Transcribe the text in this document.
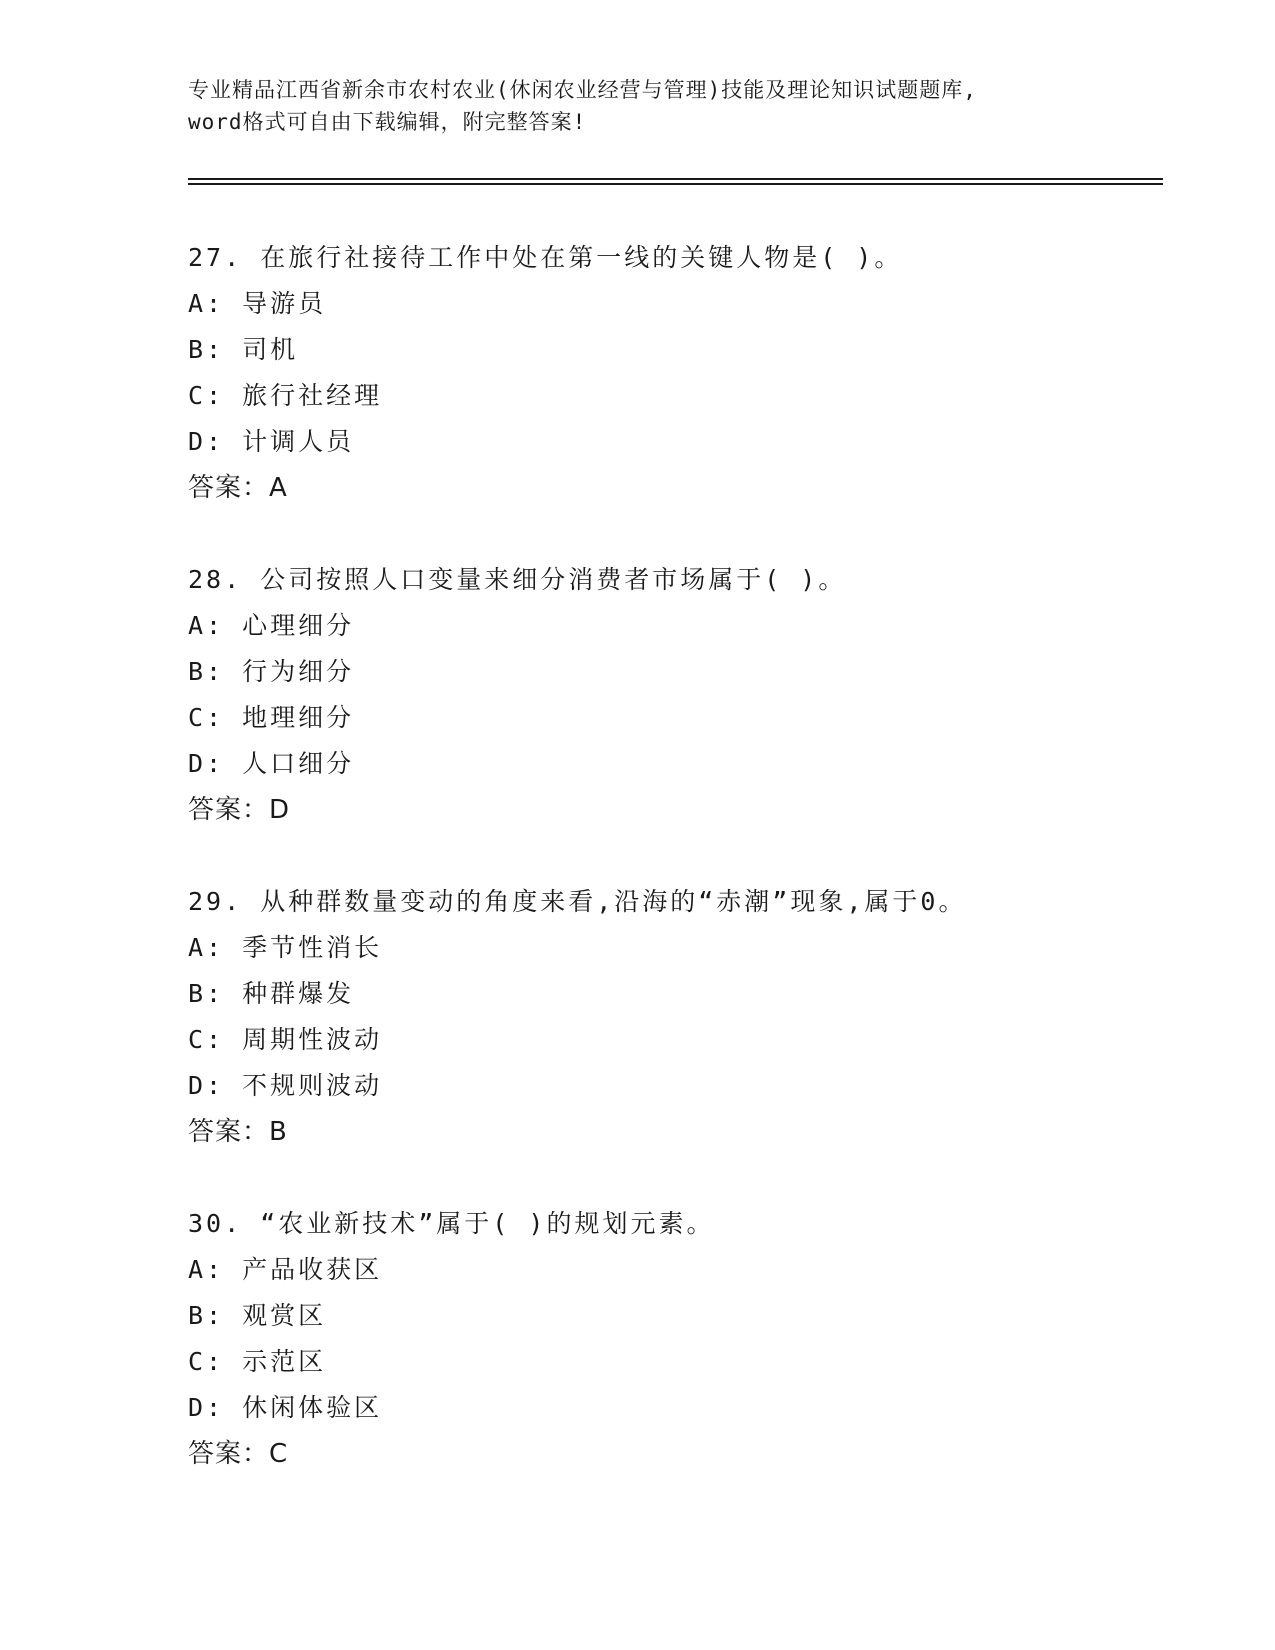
专业精品江西省新余市农村农业(休闲农业经营与管理)技能及理论知识试题题库,
word格式可自由下载编辑，附完整答案!
27. 在旅行社接待工作中处在第一线的关键人物是( )。
A: 导游员
B: 司机
C: 旅行社经理
D: 计调人员
答案：A
28. 公司按照人口变量来细分消费者市场属于( )。
A: 心理细分
B: 行为细分
C: 地理细分
D: 人口细分
答案：D
29. 从种群数量变动的角度来看,沿海的“赤潮”现象,属于0。
A: 季节性消长
B: 种群爆发
C: 周期性波动
D: 不规则波动
答案：B
30. “农业新技术”属于( )的规划元素。
A: 产品收获区
B: 观赏区
C: 示范区
D: 休闲体验区
答案：C
